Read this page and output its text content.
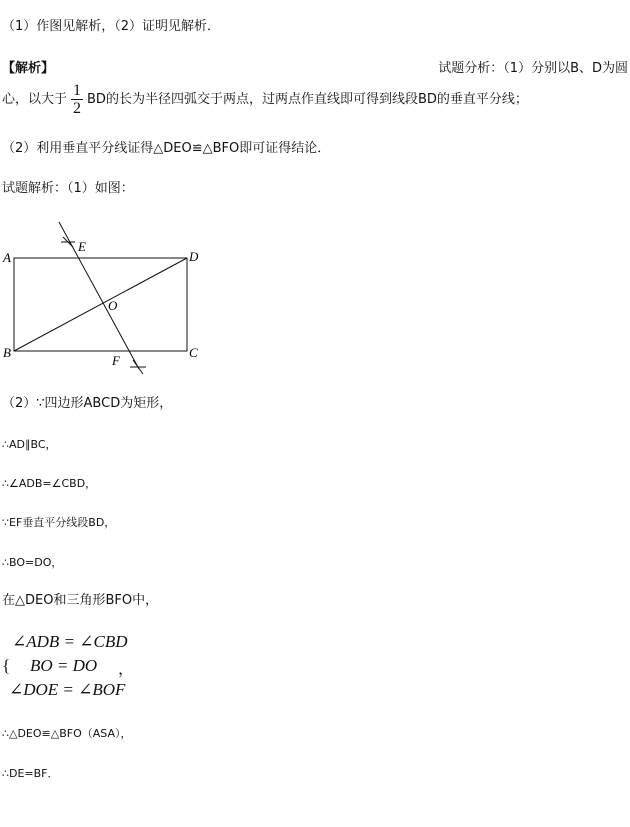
（1）作图见解析，（2）证明见解析．
【解析】	试题分析：（1）分别以B、D为圆
心，以大于 $\frac{1}{2}$ BD的长为半径四弧交于两点，过两点作直线即可得到线段BD的垂直平分线；
（2）利用垂直平分线证得△DEO≌△BFO即可证得结论．
试题解析：（1）如图：
A
B	C
D
E
F
O
（2）∵四边形ABCD为矩形，
∴AD∥BC，
∴∠ADB=∠CBD，
∵EF垂直平分线段BD，
∴BO=DO，
在△DEO和三角形BFO中，
∠ADB = ∠CBD
{ BO = DO ，
∠DOE = ∠BOF
∴△DEO≌△BFO（ASA），
∴DE=BF．
